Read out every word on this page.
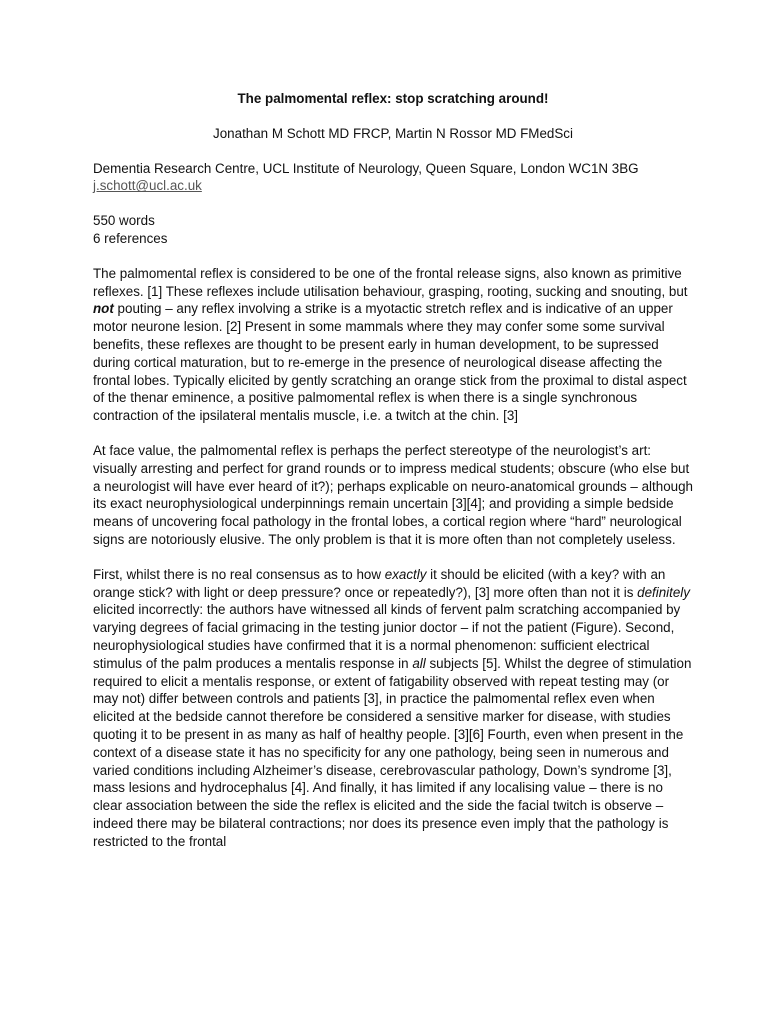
The palmomental reflex: stop scratching around!

Jonathan M Schott MD FRCP, Martin N Rossor MD FMedSci

Dementia Research Centre, UCL Institute of Neurology, Queen Square, London WC1N 3BG

j.schott@ucl.ac.uk

550 words

6 references

The palmomental reflex is considered to be one of the frontal release signs, also known as primitive reflexes. [1] These reflexes include utilisation behaviour, grasping, rooting, sucking and snouting, but not pouting – any reflex involving a strike is a myotactic stretch reflex and is indicative of an upper motor neurone lesion. [2] Present in some mammals where they may confer some some survival benefits, these reflexes are thought to be present early in human development, to be supressed during cortical maturation, but to re-emerge in the presence of neurological disease affecting the frontal lobes. Typically elicited by gently scratching an orange stick from the proximal to distal aspect of the thenar eminence, a positive palmomental reflex is when there is a single synchronous contraction of the ipsilateral mentalis muscle, i.e. a twitch at the chin. [3]

At face value, the palmomental reflex is perhaps the perfect stereotype of the neurologist’s art: visually arresting and perfect for grand rounds or to impress medical students; obscure (who else but a neurologist will have ever heard of it?); perhaps explicable on neuro-anatomical grounds – although its exact neurophysiological underpinnings remain uncertain [3][4]; and providing a simple bedside means of uncovering focal pathology in the frontal lobes, a cortical region where “hard” neurological signs are notoriously elusive. The only problem is that it is more often than not completely useless.

First, whilst there is no real consensus as to how exactly it should be elicited (with a key? with an orange stick? with light or deep pressure? once or repeatedly?), [3] more often than not it is definitely elicited incorrectly: the authors have witnessed all kinds of fervent palm scratching accompanied by varying degrees of facial grimacing in the testing junior doctor – if not the patient (Figure). Second, neurophysiological studies have confirmed that it is a normal phenomenon: sufficient electrical stimulus of the palm produces a mentalis response in all subjects [5]. Whilst the degree of stimulation required to elicit a mentalis response, or extent of fatigability observed with repeat testing may (or may not) differ between controls and patients [3], in practice the palmomental reflex even when elicited at the bedside cannot therefore be considered a sensitive marker for disease, with studies quoting it to be present in as many as half of healthy people. [3][6] Fourth, even when present in the context of a disease state it has no specificity for any one pathology, being seen in numerous and varied conditions including Alzheimer’s disease, cerebrovascular pathology, Down’s syndrome [3], mass lesions and hydrocephalus [4]. And finally, it has limited if any localising value – there is no clear association between the side the reflex is elicited and the side the facial twitch is observe – indeed there may be bilateral contractions; nor does its presence even imply that the pathology is restricted to the frontal
